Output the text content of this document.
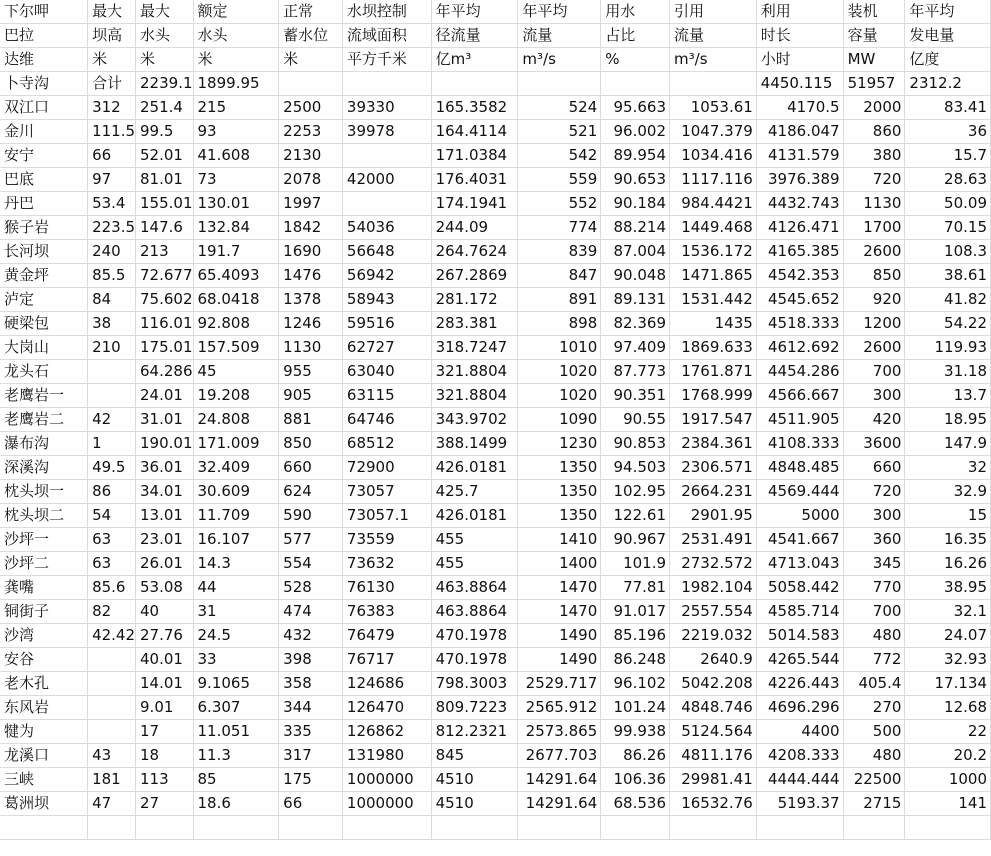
下尔呷	最大	最大	额定	正常	水坝控制	年平均	年平均	用水	引用	利用	装机	年平均
巴拉	坝高	水头	水头	蓄水位	流域面积	径流量	流量	占比	流量	时长	容量	发电量
达维	米	米	米	米	平方千米	亿m³	m³/s	%	m³/s	小时	MW	亿度
卜寺沟	合计	2239.1	1899.95							4450.115	51957	2312.2
双江口	312	251.4	215	2500	39330	165.3582	524	95.663	1053.61	4170.5	2000	83.41
金川	111.5	99.5	93	2253	39978	164.4114	521	96.002	1047.379	4186.047	860	36
安宁	66	52.01	41.608	2130		171.0384	542	89.954	1034.416	4131.579	380	15.7
巴底	97	81.01	73	2078	42000	176.4031	559	90.653	1117.116	3976.389	720	28.63
丹巴	53.4	155.01	130.01	1997		174.1941	552	90.184	984.4421	4432.743	1130	50.09
猴子岩	223.5	147.6	132.84	1842	54036	244.09	774	88.214	1449.468	4126.471	1700	70.15
长河坝	240	213	191.7	1690	56648	264.7624	839	87.004	1536.172	4165.385	2600	108.3
黄金坪	85.5	72.677	65.4093	1476	56942	267.2869	847	90.048	1471.865	4542.353	850	38.61
泸定	84	75.602	68.0418	1378	58943	281.172	891	89.131	1531.442	4545.652	920	41.82
硬梁包	38	116.01	92.808	1246	59516	283.381	898	82.369	1435	4518.333	1200	54.22
大岗山	210	175.01	157.509	1130	62727	318.7247	1010	97.409	1869.633	4612.692	2600	119.93
龙头石		64.286	45	955	63040	321.8804	1020	87.773	1761.871	4454.286	700	31.18
老鹰岩一		24.01	19.208	905	63115	321.8804	1020	90.351	1768.999	4566.667	300	13.7
老鹰岩二	42	31.01	24.808	881	64746	343.9702	1090	90.55	1917.547	4511.905	420	18.95
瀑布沟	1	190.01	171.009	850	68512	388.1499	1230	90.853	2384.361	4108.333	3600	147.9
深溪沟	49.5	36.01	32.409	660	72900	426.0181	1350	94.503	2306.571	4848.485	660	32
枕头坝一	86	34.01	30.609	624	73057	425.7	1350	102.95	2664.231	4569.444	720	32.9
枕头坝二	54	13.01	11.709	590	73057.1	426.0181	1350	122.61	2901.95	5000	300	15
沙坪一	63	23.01	16.107	577	73559	455	1410	90.967	2531.491	4541.667	360	16.35
沙坪二	63	26.01	14.3	554	73632	455	1400	101.9	2732.572	4713.043	345	16.26
龚嘴	85.6	53.08	44	528	76130	463.8864	1470	77.81	1982.104	5058.442	770	38.95
铜街子	82	40	31	474	76383	463.8864	1470	91.017	2557.554	4585.714	700	32.1
沙湾	42.42	27.76	24.5	432	76479	470.1978	1490	85.196	2219.032	5014.583	480	24.07
安谷		40.01	33	398	76717	470.1978	1490	86.248	2640.9	4265.544	772	32.93
老木孔		14.01	9.1065	358	124686	798.3003	2529.717	96.102	5042.208	4226.443	405.4	17.134
东风岩		9.01	6.307	344	126470	809.7223	2565.912	101.24	4848.746	4696.296	270	12.68
犍为		17	11.051	335	126862	812.2321	2573.865	99.938	5124.564	4400	500	22
龙溪口	43	18	11.3	317	131980	845	2677.703	86.26	4811.176	4208.333	480	20.2
三峡	181	113	85	175	1000000	4510	14291.64	106.36	29981.41	4444.444	22500	1000
葛洲坝	47	27	18.6	66	1000000	4510	14291.64	68.536	16532.76	5193.37	2715	141
